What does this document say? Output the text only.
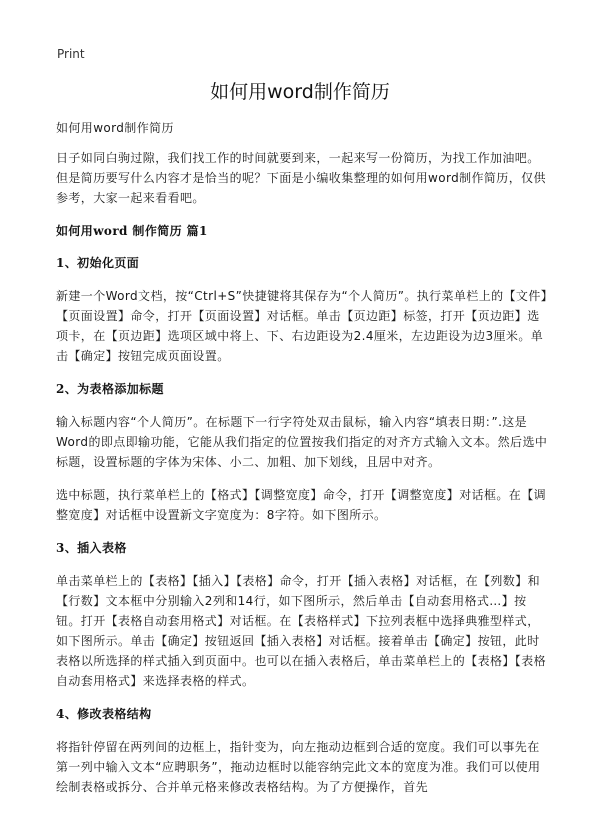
Print
如何用word制作简历

如何用word制作简历

日子如同白驹过隙，我们找工作的时间就要到来，一起来写一份简历，为找工作加油吧。但是简历要写什么内容才是恰当的呢？下面是小编收集整理的如何用word制作简历，仅供参考，大家一起来看看吧。

如何用word 制作简历 篇1

1、初始化页面

新建一个Word文档，按“Ctrl+S”快捷键将其保存为“个人简历”。执行菜单栏上的【文件】【页面设置】命令，打开【页面设置】对话框。单击【页边距】标签，打开【页边距】选项卡，在【页边距】选项区域中将上、下、右边距设为2.4厘米，左边距设为边3厘米。单击【确定】按钮完成页面设置。

2、为表格添加标题

输入标题内容“个人简历”。在标题下一行字符处双击鼠标，输入内容“填表日期：”.这是Word的即点即输功能，它能从我们指定的位置按我们指定的对齐方式输入文本。然后选中标题，设置标题的字体为宋体、小二、加粗、加下划线，且居中对齐。

选中标题，执行菜单栏上的【格式】【调整宽度】命令，打开【调整宽度】对话框。在【调整宽度】对话框中设置新文字宽度为：8字符。如下图所示。

3、插入表格

单击菜单栏上的【表格】【插入】【表格】命令，打开【插入表格】对话框，在【列数】和【行数】文本框中分别输入2列和14行，如下图所示，然后单击【自动套用格式…】按钮。打开【表格自动套用格式】对话框。在【表格样式】下拉列表框中选择典雅型样式，如下图所示。单击【确定】按钮返回【插入表格】对话框。接着单击【确定】按钮，此时表格以所选择的样式插入到页面中。也可以在插入表格后，单击菜单栏上的【表格】【表格自动套用格式】来选择表格的样式。

4、修改表格结构

将指针停留在两列间的边框上，指针变为，向左拖动边框到合适的宽度。我们可以事先在第一列中输入文本“应聘职务”，拖动边框时以能容纳完此文本的宽度为准。我们可以使用绘制表格或拆分、合并单元格来修改表格结构。为了方便操作，首先
